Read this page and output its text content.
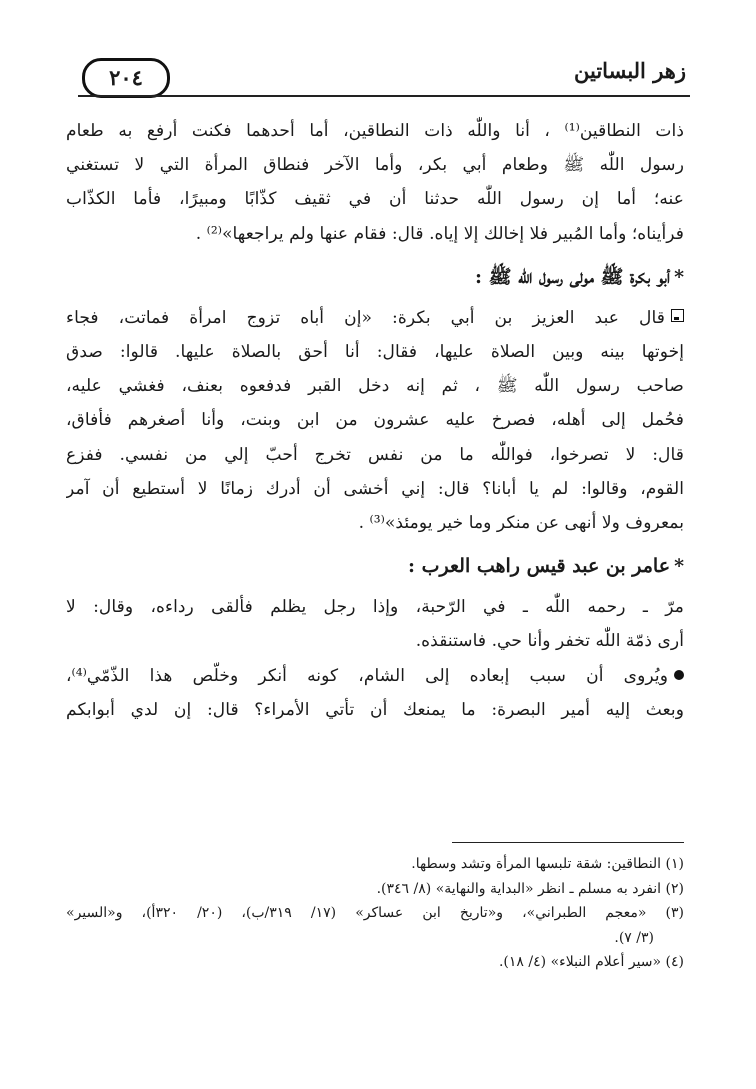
زهر البساتين
٢٠٤

ذات النطاقين⁽¹⁾ ، أنا واللّٰه ذات النطاقين، أما أحدهما فكنت أرفع به طعام
رسول اللّٰه ﷺ وطعام أبي بكر، وأما الآخر فنطاق المرأة التي لا تستغني
عنه؛ أما إن رسول اللّٰه حدثنا أن في ثقيف كذّابًا ومبيرًا، فأما الكذّاب
فرأيناه؛ وأما المُبير فلا إخالك إلا إياه. قال: فقام عنها ولم يراجعها»⁽²⁾ .

*أبو بكرة ﷺ مولى رسول اللّٰه ﷺ :

قال عبد العزيز بن أبي بكرة: «إن أباه تزوج امرأة فماتت، فجاء
إخوتها بينه وبين الصلاة عليها، فقال: أنا أحق بالصلاة عليها. قالوا: صدق
صاحب رسول اللّٰه ﷺ ، ثم إنه دخل القبر فدفعوه بعنف، فغشي عليه،
فحُمل إلى أهله، فصرخ عليه عشرون من ابن وبنت، وأنا أصغرهم فأفاق،
قال: لا تصرخوا، فواللّٰه ما من نفس تخرج أحبّ إلي من نفسي. ففزع
القوم، وقالوا: لم يا أبانا؟ قال: إني أخشى أن أدرك زمانًا لا أستطيع أن آمر
بمعروف ولا أنهى عن منكر وما خير يومئذ»⁽³⁾ .

*عامر بن عبد قيس راهب العرب :

مرّ ـ رحمه اللّٰه ـ في الرّحبة، وإذا رجل يظلم فألقى رداءه، وقال: لا
أرى ذمّة اللّٰه تخفر وأنا حي. فاستنقذه.

ويُروى أن سبب إبعاده إلى الشام، كونه أنكر وخلّص هذا الذّمّي⁽⁴⁾،
وبعث إليه أمير البصرة: ما يمنعك أن تأتي الأمراء؟ قال: إن لدي أبوابكم

(١) النطاقين: شقة تلبسها المرأة وتشد وسطها.
(٢) انفرد به مسلم ـ انظر «البداية والنهاية» (٨/ ٣٤٦).
(٣) «معجم الطبراني»، و«تاريخ ابن عساكر» (١٧/ ٣١٩/ب)، (٢٠/ ٣٢٠أ)، و«السير»
(٣/ ٧).
(٤) «سير أعلام النبلاء» (٤/ ١٨).
